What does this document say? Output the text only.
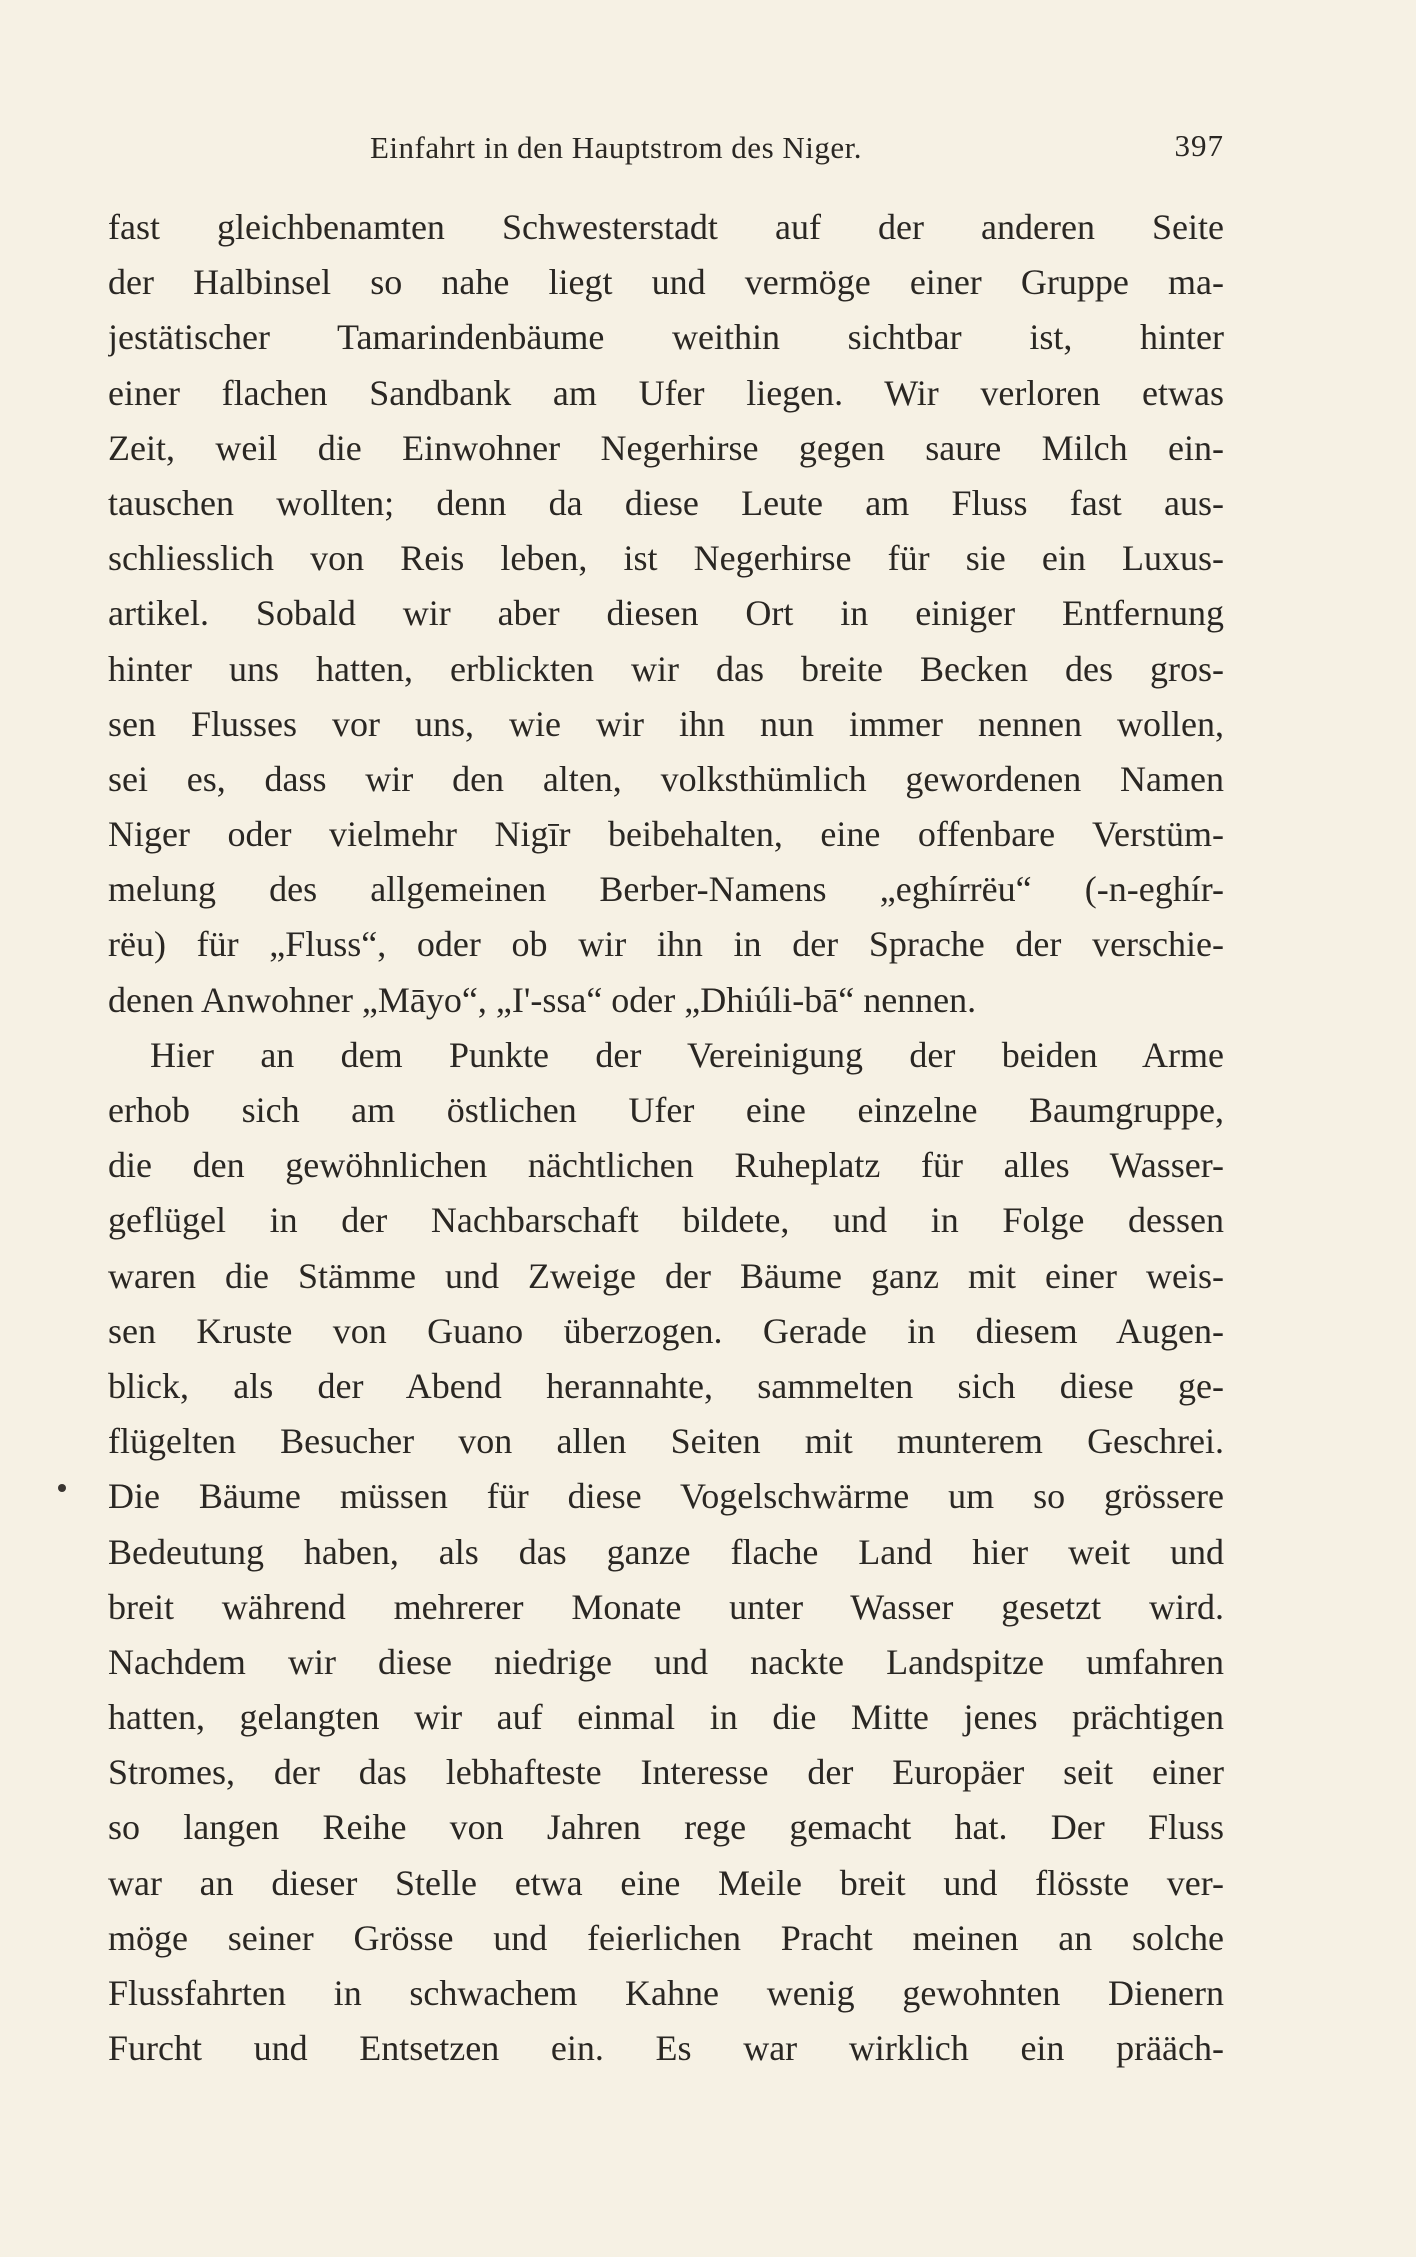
Einfahrt in den Hauptstrom des Niger.	397
fast gleichbenamten Schwesterstadt auf der anderen Seite
der Halbinsel so nahe liegt und vermöge einer Gruppe ma-
jestätischer Tamarindenbäume weithin sichtbar ist, hinter
einer flachen Sandbank am Ufer liegen. Wir verloren etwas
Zeit, weil die Einwohner Negerhirse gegen saure Milch ein-
tauschen wollten; denn da diese Leute am Fluss fast aus-
schliesslich von Reis leben, ist Negerhirse für sie ein Luxus-
artikel. Sobald wir aber diesen Ort in einiger Entfernung
hinter uns hatten, erblickten wir das breite Becken des gros-
sen Flusses vor uns, wie wir ihn nun immer nennen wollen,
sei es, dass wir den alten, volksthümlich gewordenen Namen
Niger oder vielmehr Nigīr beibehalten, eine offenbare Verstüm-
melung des allgemeinen Berber-Namens „eghírrëu“ (-n-eghír-
rëu) für „Fluss“, oder ob wir ihn in der Sprache der verschie-
denen Anwohner „Māyo“, „I'-ssa“ oder „Dhiúli-bā“ nennen.
Hier an dem Punkte der Vereinigung der beiden Arme
erhob sich am östlichen Ufer eine einzelne Baumgruppe,
die den gewöhnlichen nächtlichen Ruheplatz für alles Wasser-
geflügel in der Nachbarschaft bildete, und in Folge dessen
waren die Stämme und Zweige der Bäume ganz mit einer weis-
sen Kruste von Guano überzogen. Gerade in diesem Augen-
blick, als der Abend herannahte, sammelten sich diese ge-
flügelten Besucher von allen Seiten mit munterem Geschrei.
Die Bäume müssen für diese Vogelschwärme um so grössere
Bedeutung haben, als das ganze flache Land hier weit und
breit während mehrerer Monate unter Wasser gesetzt wird.
Nachdem wir diese niedrige und nackte Landspitze umfahren
hatten, gelangten wir auf einmal in die Mitte jenes prächtigen
Stromes, der das lebhafteste Interesse der Europäer seit einer
so langen Reihe von Jahren rege gemacht hat. Der Fluss
war an dieser Stelle etwa eine Meile breit und flösste ver-
möge seiner Grösse und feierlichen Pracht meinen an solche
Flussfahrten in schwachem Kahne wenig gewohnten Dienern
Furcht und Entsetzen ein. Es war wirklich ein prääch-
